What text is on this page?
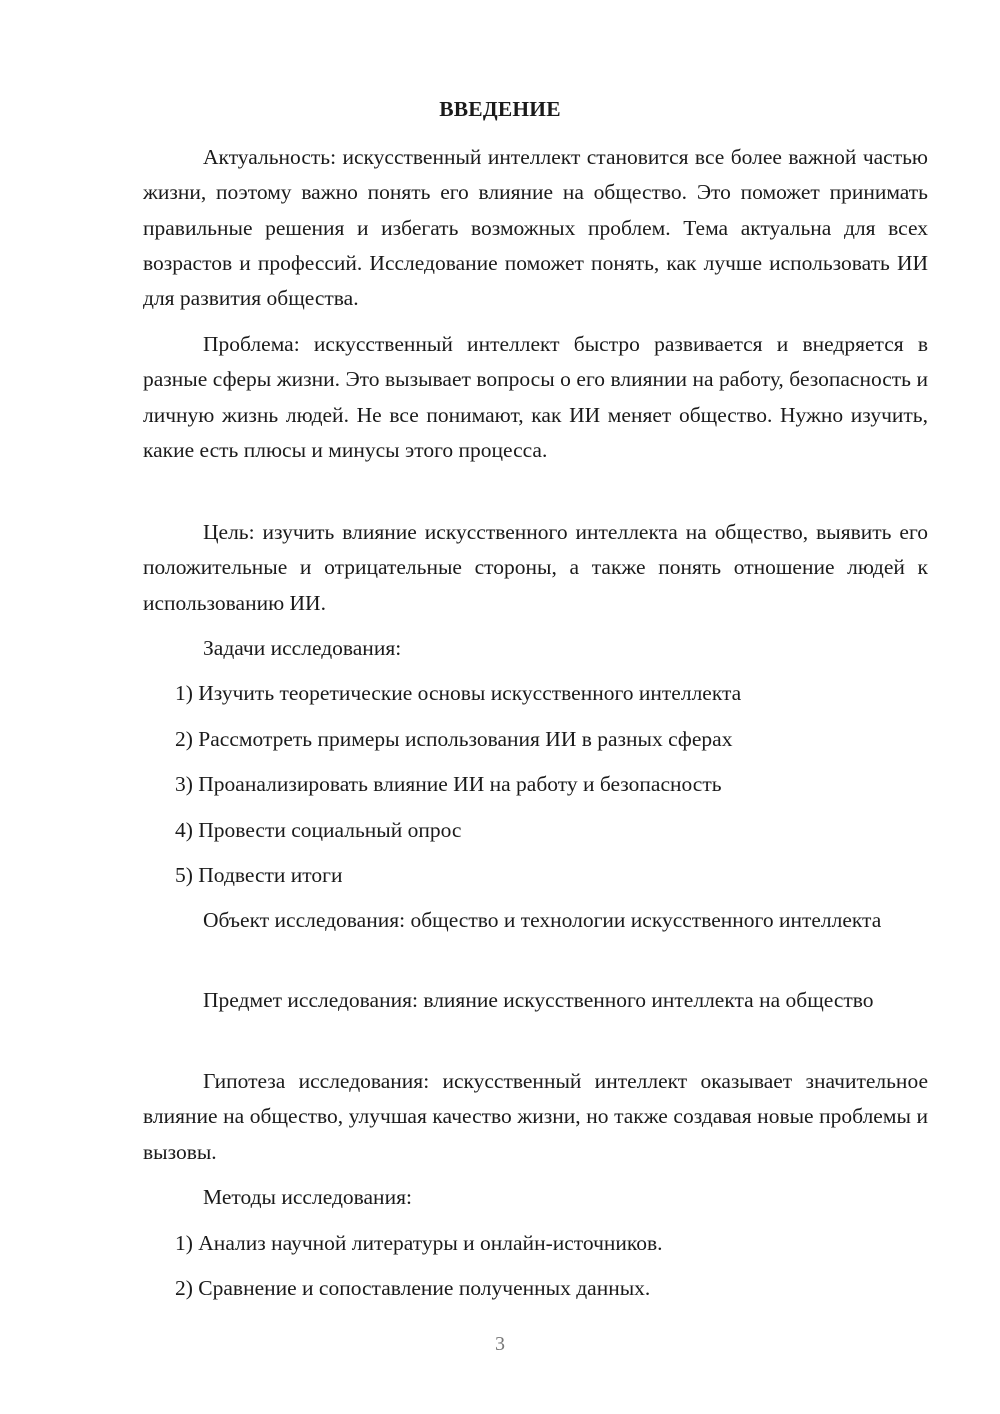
ВВЕДЕНИЕ

Актуальность: искусственный интеллект становится все более важной частью жизни, поэтому важно понять его влияние на общество. Это поможет принимать правильные решения и избегать возможных проблем. Тема актуальна для всех возрастов и профессий. Исследование поможет понять, как лучше использовать ИИ для развития общества.

Проблема: искусственный интеллект быстро развивается и внедряется в разные сферы жизни. Это вызывает вопросы о его влиянии на работу, безопасность и личную жизнь людей. Не все понимают, как ИИ меняет общество. Нужно изучить, какие есть плюсы и минусы этого процесса.

Цель: изучить влияние искусственного интеллекта на общество, выявить его положительные и отрицательные стороны, а также понять отношение людей к использованию ИИ.

Задачи исследования:

1) Изучить теоретические основы искусственного интеллекта

2) Рассмотреть примеры использования ИИ в разных сферах

3) Проанализировать влияние ИИ на работу и безопасность

4) Провести социальный опрос

5) Подвести итоги

Объект исследования: общество и технологии искусственного интеллекта

Предмет исследования: влияние искусственного интеллекта на общество

Гипотеза исследования: искусственный интеллект оказывает значительное влияние на общество, улучшая качество жизни, но также создавая новые проблемы и вызовы.

Методы исследования:

1) Анализ научной литературы и онлайн-источников.

2) Сравнение и сопоставление полученных данных.

3
